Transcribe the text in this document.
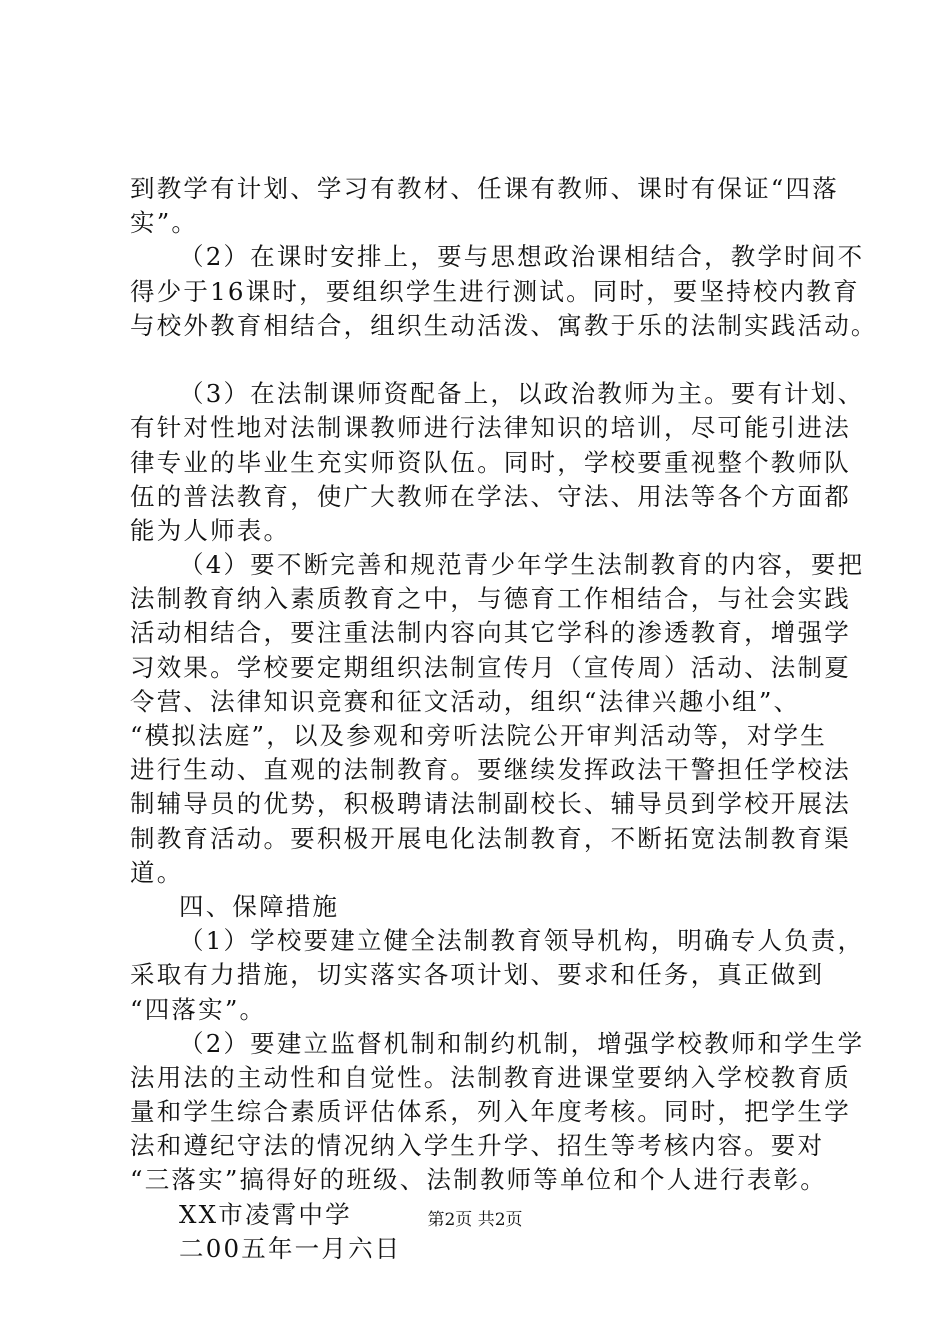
到教学有计划、学习有教材、任课有教师、课时有保证“四落
实”。
（2）在课时安排上，要与思想政治课相结合，教学时间不
得少于16课时，要组织学生进行测试。同时，要坚持校内教育
与校外教育相结合，组织生动活泼、寓教于乐的法制实践活动。
（3）在法制课师资配备上，以政治教师为主。要有计划、
有针对性地对法制课教师进行法律知识的培训，尽可能引进法
律专业的毕业生充实师资队伍。同时，学校要重视整个教师队
伍的普法教育，使广大教师在学法、守法、用法等各个方面都
能为人师表。
（4）要不断完善和规范青少年学生法制教育的内容，要把
法制教育纳入素质教育之中，与德育工作相结合，与社会实践
活动相结合，要注重法制内容向其它学科的渗透教育，增强学
习效果。学校要定期组织法制宣传月（宣传周）活动、法制夏
令营、法律知识竞赛和征文活动，组织“法律兴趣小组”、
“模拟法庭”，以及参观和旁听法院公开审判活动等，对学生
进行生动、直观的法制教育。要继续发挥政法干警担任学校法
制辅导员的优势，积极聘请法制副校长、辅导员到学校开展法
制教育活动。要积极开展电化法制教育，不断拓宽法制教育渠
道。
四、保障措施
（1）学校要建立健全法制教育领导机构，明确专人负责，
采取有力措施，切实落实各项计划、要求和任务，真正做到
“四落实”。
（2）要建立监督机制和制约机制，增强学校教师和学生学
法用法的主动性和自觉性。法制教育进课堂要纳入学校教育质
量和学生综合素质评估体系，列入年度考核。同时，把学生学
法和遵纪守法的情况纳入学生升学、招生等考核内容。要对
“三落实”搞得好的班级、法制教师等单位和个人进行表彰。
XX市凌霄中学
二00五年一月六日
第2页 共2页
